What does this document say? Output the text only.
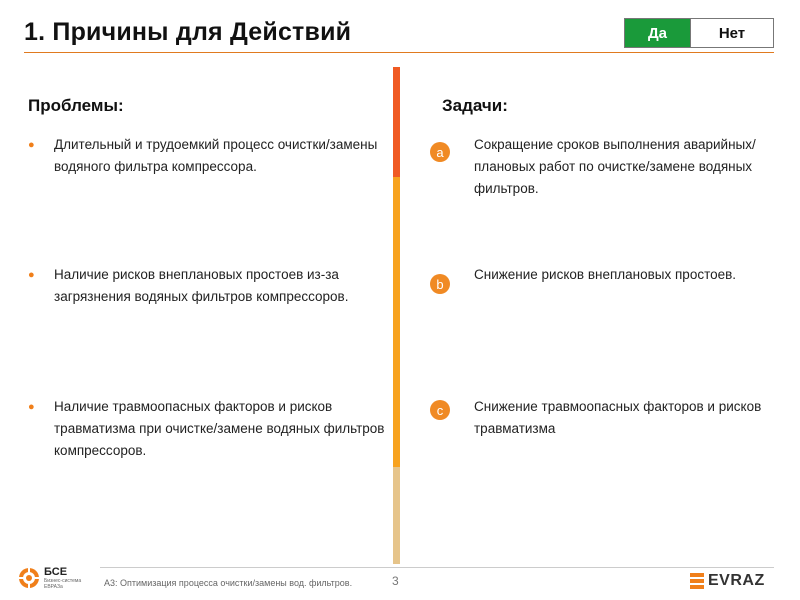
1. Причины для Действий	Да	Нет
Проблемы:	Задачи:
●	Длительный и трудоемкий процесс очистки/замены водяного фильтра компрессора.
●	Наличие рисков внеплановых простоев из-за загрязнения водяных фильтров компрессоров.
●	Наличие травмоопасных факторов и рисков травматизма при очистке/замене водяных фильтров компрессоров.
a	Сокращение сроков выполнения аварийных/плановых работ по очистке/замене водяных фильтров.
b
Снижение рисков внеплановых простоев.
c	Снижение травмоопасных факторов и рисков травматизма
БСЕ
Бизнес-система ЕВРАЗа	А3: Оптимизация процесса очистки/замены вод. фильтров.	3	EVRAZ
